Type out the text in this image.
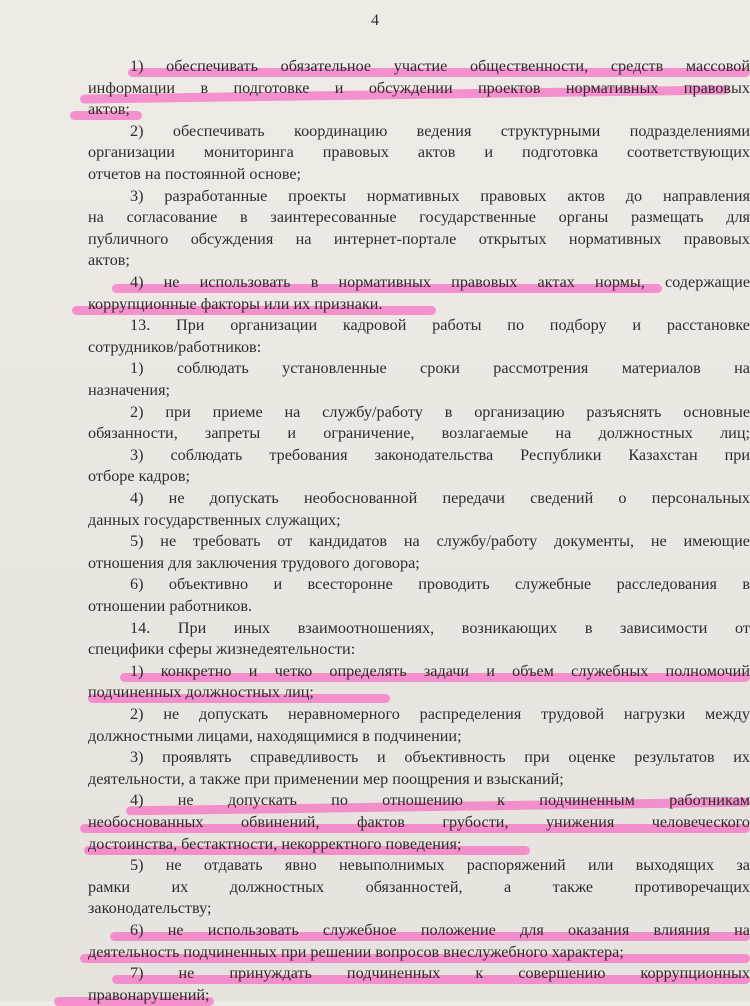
4
1) обеспечивать обязательное участие общественности, средств массовой
информации в подготовке и обсуждении проектов нормативных правовых
актов;
2) обеспечивать координацию ведения структурными подразделениями
организации мониторинга правовых актов и подготовка соответствующих
отчетов на постоянной основе;
3) разработанные проекты нормативных правовых актов до направления
на согласование в заинтересованные государственные органы размещать для
публичного обсуждения на интернет-портале открытых нормативных правовых
актов;
4) не использовать в нормативных правовых актах нормы, содержащие
коррупционные факторы или их признаки.
13. При организации кадровой работы по подбору и расстановке
сотрудников/работников:
1) соблюдать установленные сроки рассмотрения материалов на
назначения;
2) при приеме на службу/работу в организацию разъяснять основные
обязанности, запреты и ограничение, возлагаемые на должностных лиц;
3) соблюдать требования законодательства Республики Казахстан при
отборе кадров;
4) не допускать необоснованной передачи сведений о персональных
данных государственных служащих;
5) не требовать от кандидатов на службу/работу документы, не имеющие
отношения для заключения трудового договора;
6) объективно и всесторонне проводить служебные расследования в
отношении работников.
14. При иных взаимоотношениях, возникающих в зависимости от
специфики сферы жизнедеятельности:
1) конкретно и четко определять задачи и объем служебных полномочий
подчиненных должностных лиц;
2) не допускать неравномерного распределения трудовой нагрузки между
должностными лицами, находящимися в подчинении;
3) проявлять справедливость и объективность при оценке результатов их
деятельности, а также при применении мер поощрения и взысканий;
4) не допускать по отношению к подчиненным работникам
необоснованных обвинений, фактов грубости, унижения человеческого
достоинства, бестактности, некорректного поведения;
5) не отдавать явно невыполнимых распоряжений или выходящих за
рамки их должностных обязанностей, а также противоречащих
законодательству;
6) не использовать служебное положение для оказания влияния на
деятельность подчиненных при решении вопросов внеслужебного характера;
7) не принуждать подчиненных к совершению коррупционных
правонарушений;
